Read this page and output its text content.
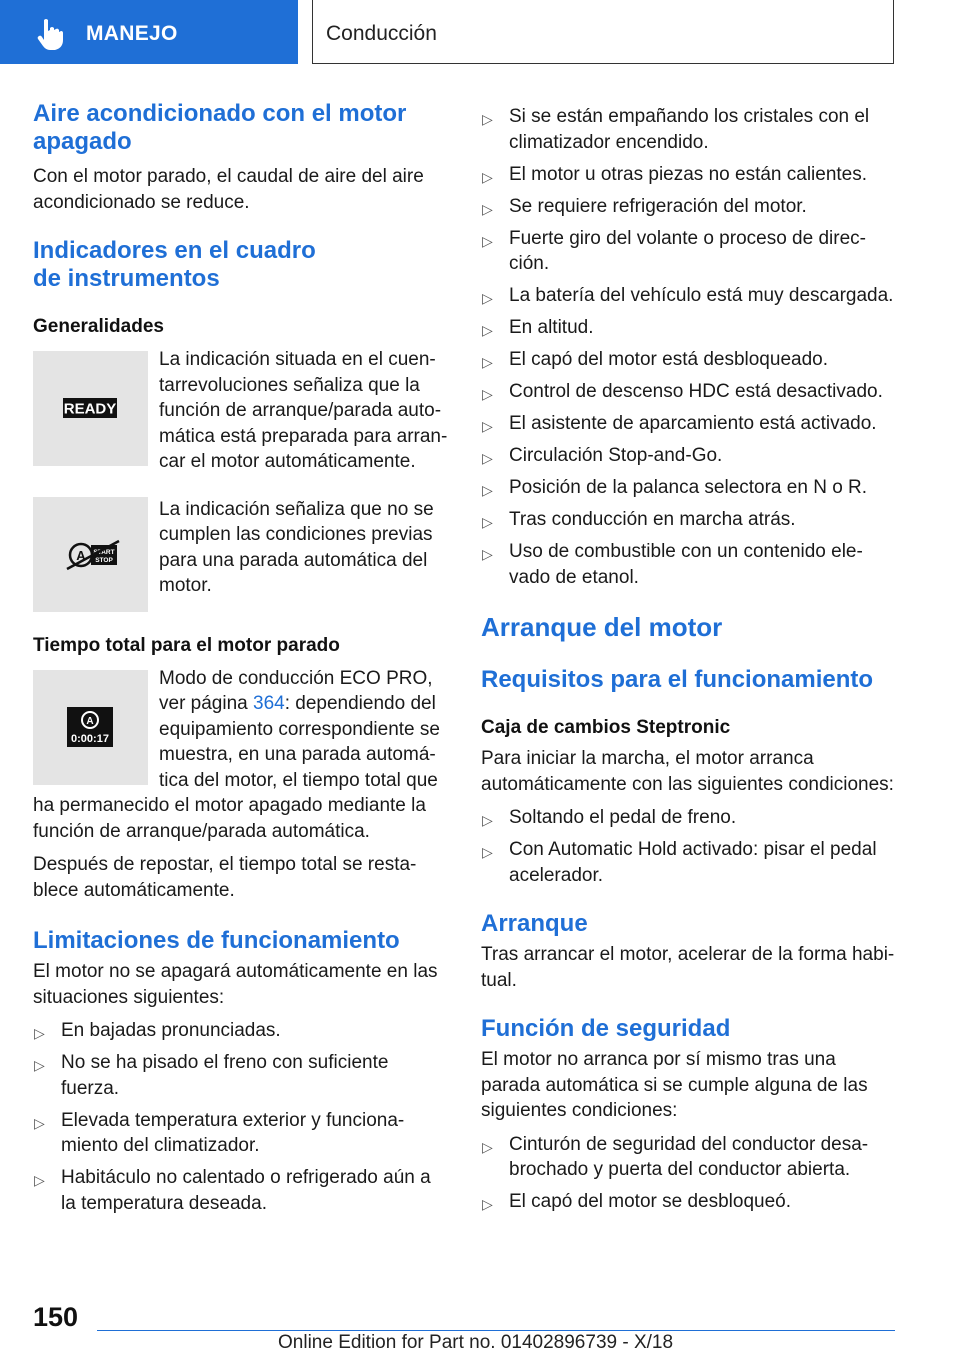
MANEJO	Conducción
Aire acondicionado con el motor apagado

Con el motor parado, el caudal de aire del aire acondicionado se reduce.

Indicadores en el cuadro de instrumentos
Generalidades
READY

La indicación situada en el cuentarrevoluciones señaliza que la función de arranque/parada automática está preparada para arrancar el motor automáticamente.

A START
STOP

La indicación señaliza que no se cumplen las condiciones previas para una parada automática del motor.

Tiempo total para el motor parado
A
0:00:17

Modo de conducción ECO PRO, ver página 364: dependiendo del equipamiento correspondiente se muestra, en una parada automática del motor, el tiempo total que ha permanecido el motor apagado mediante la función de arranque/parada automática.

Después de repostar, el tiempo total se restablece automáticamente.

Limitaciones de funcionamiento

El motor no se apagará automáticamente en las situaciones siguientes:

▷ En bajadas pronunciadas.
▷ No se ha pisado el freno con suficiente fuerza.
▷ Elevada temperatura exterior y funcionamiento del climatizador.
▷ Habitáculo no calentado o refrigerado aún a la temperatura deseada.
▷ Si se están empañando los cristales con el climatizador encendido.
▷ El motor u otras piezas no están calientes.
▷ Se requiere refrigeración del motor.
▷ Fuerte giro del volante o proceso de dirección.
▷ La batería del vehículo está muy descargada.
▷ En altitud.
▷ El capó del motor está desbloqueado.
▷ Control de descenso HDC está desactivado.
▷ El asistente de aparcamiento está activado.
▷ Circulación Stop-and-Go.
▷ Posición de la palanca selectora en N o R.
▷ Tras conducción en marcha atrás.
▷ Uso de combustible con un contenido elevado de etanol.
Arranque del motor
Requisitos para el funcionamiento
Caja de cambios Steptronic

Para iniciar la marcha, el motor arranca automáticamente con las siguientes condiciones:

▷ Soltando el pedal de freno.
▷ Con Automatic Hold activado: pisar el pedal acelerador.
Arranque

Tras arrancar el motor, acelerar de la forma habitual.

Función de seguridad

El motor no arranca por sí mismo tras una parada automática si se cumple alguna de las siguientes condiciones:

▷ Cinturón de seguridad del conductor desabrochado y puerta del conductor abierta.
▷ El capó del motor se desbloqueó.
150
Online Edition for Part no. 01402896739 - X/18
